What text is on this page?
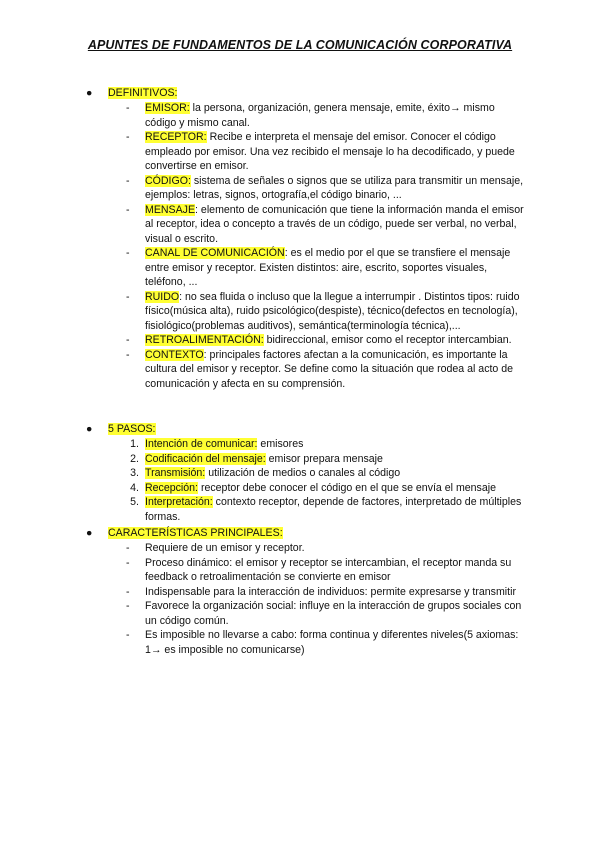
APUNTES DE FUNDAMENTOS DE LA COMUNICACIÓN CORPORATIVA
● DEFINITIVOS:
-	EMISOR: la persona, organización, genera mensaje, emite, éxito→ mismo código y mismo canal.
-	RECEPTOR: Recibe e interpreta el mensaje del emisor. Conocer el código empleado por emisor. Una vez recibido el mensaje lo ha decodificado, y puede convertirse en emisor.
-	CÓDIGO: sistema de señales o signos que se utiliza para transmitir un mensaje, ejemplos: letras, signos, ortografía,el código binario, ...
-	MENSAJE: elemento de comunicación que tiene la información manda el emisor al receptor, idea o concepto a través de un código, puede ser verbal, no verbal, visual o escrito.
-	CANAL DE COMUNICACIÓN: es el medio por el que se transfiere el mensaje entre emisor y receptor. Existen distintos: aire, escrito, soportes visuales, teléfono, ...
-	RUIDO: no sea fluida o incluso que la llegue a interrumpir . Distintos tipos: ruido físico(música alta), ruido psicológico(despiste), técnico(defectos en tecnología), fisiológico(problemas auditivos), semántica(terminología técnica),...
-	RETROALIMENTACIÓN: bidireccional, emisor como el receptor intercambian.
-	CONTEXTO: principales factores afectan a la comunicación, es importante la cultura del emisor y receptor. Se define como la situación que rodea al acto de comunicación y afecta en su comprensión.
● 5 PASOS:
1. Intención de comunicar: emisores
2. Codificación del mensaje: emisor prepara mensaje
3. Transmisión: utilización de medios o canales al código
4. Recepción: receptor debe conocer el código en el que se envía el mensaje
5. Interpretación: contexto receptor, depende de factores, interpretado de múltiples formas.
● CARACTERÍSTICAS PRINCIPALES:
-	Requiere de un emisor y receptor.
-	Proceso dinámico: el emisor y receptor se intercambian, el receptor manda su feedback o retroalimentación se convierte en emisor
-	Indispensable para la interacción de individuos: permite expresarse y transmitir
-	Favorece la organización social: influye en la interacción de grupos sociales con un código común.
-	Es imposible no llevarse a cabo: forma continua y diferentes niveles(5 axiomas: 1→ es imposible no comunicarse)
